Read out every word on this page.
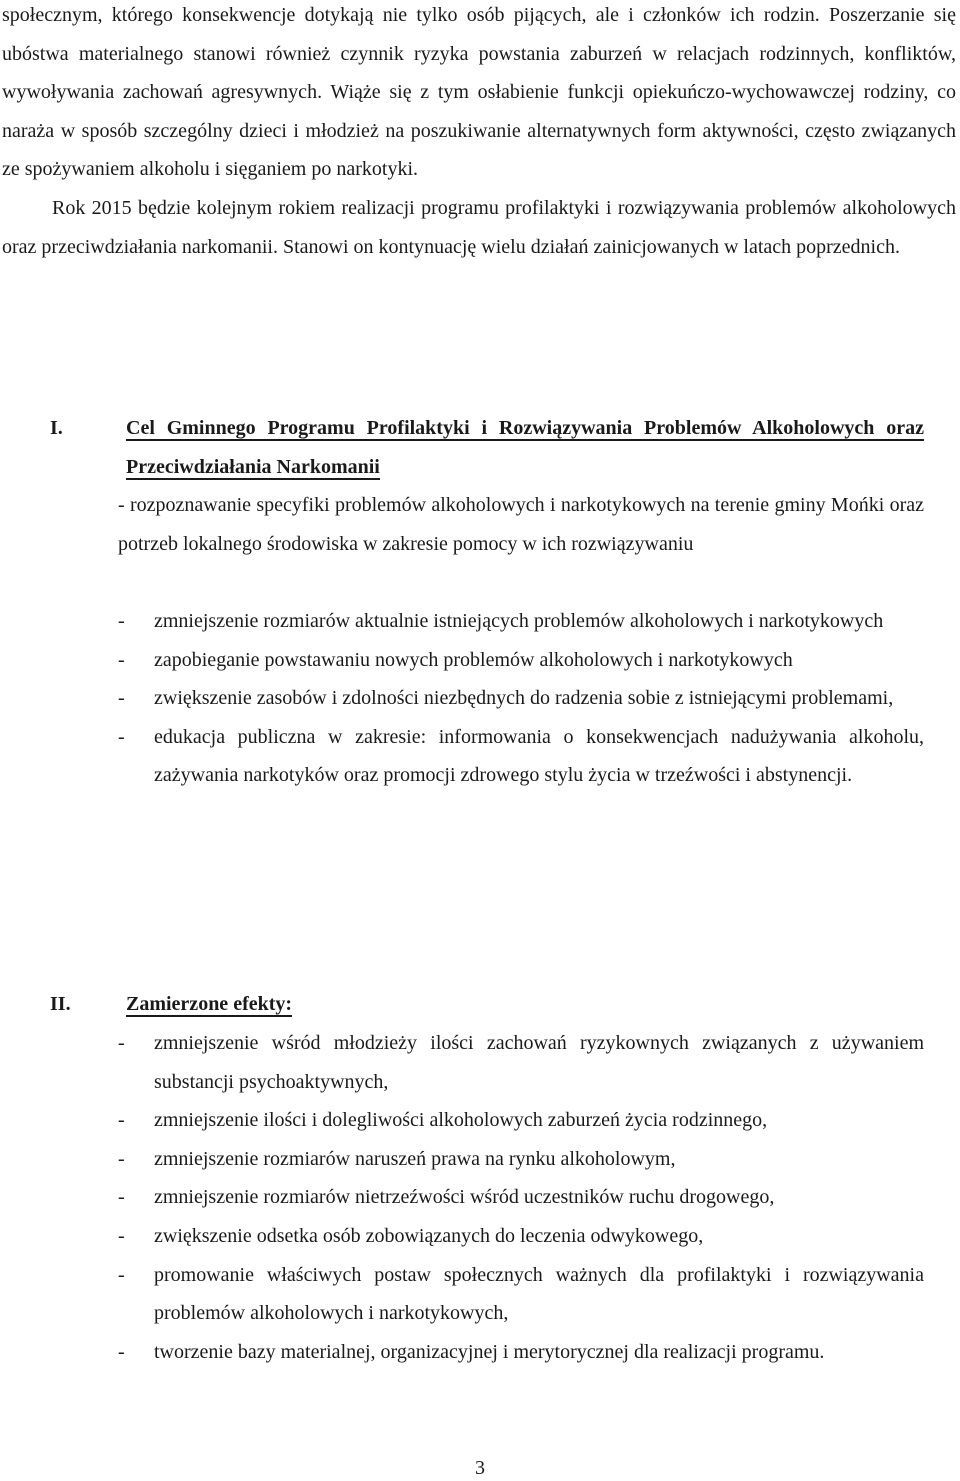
społecznym, którego konsekwencje dotykają nie tylko osób pijących, ale i członków ich rodzin. Poszerzanie się ubóstwa materialnego stanowi również czynnik ryzyka powstania zaburzeń w relacjach rodzinnych, konfliktów, wywoływania zachowań agresywnych. Wiąże się z tym osłabienie funkcji opiekuńczo-wychowawczej rodziny, co naraża w sposób szczególny dzieci i młodzież na poszukiwanie alternatywnych form aktywności, często związanych ze spożywaniem alkoholu i sięganiem po narkotyki.

Rok 2015 będzie kolejnym rokiem realizacji programu profilaktyki i rozwiązywania problemów alkoholowych oraz przeciwdziałania narkomanii. Stanowi on kontynuację wielu działań zainicjowanych w latach poprzednich.

I.	Cel Gminnego Programu Profilaktyki i Rozwiązywania Problemów Alkoholowych oraz Przeciwdziałania Narkomanii

- rozpoznawanie specyfiki problemów alkoholowych i narkotykowych na terenie gminy Mońki oraz potrzeb lokalnego środowiska w zakresie pomocy w ich rozwiązywaniu

- zmniejszenie rozmiarów aktualnie istniejących problemów alkoholowych i narkotykowych
- zapobieganie powstawaniu nowych problemów alkoholowych i narkotykowych
- zwiększenie zasobów i zdolności niezbędnych do radzenia sobie z istniejącymi problemami,
- edukacja publiczna w zakresie: informowania o konsekwencjach nadużywania alkoholu, zażywania narkotyków oraz promocji zdrowego stylu życia w trzeźwości i abstynencji.
II.	Zamierzone efekty:

- zmniejszenie wśród młodzieży ilości zachowań ryzykownych związanych z używaniem substancji psychoaktywnych,
- zmniejszenie ilości i dolegliwości alkoholowych zaburzeń życia rodzinnego,
- zmniejszenie rozmiarów naruszeń prawa na rynku alkoholowym,
- zmniejszenie rozmiarów nietrzeźwości wśród uczestników ruchu drogowego,
- zwiększenie odsetka osób zobowiązanych do leczenia odwykowego,
- promowanie właściwych postaw społecznych ważnych dla profilaktyki i rozwiązywania problemów alkoholowych i narkotykowych,
- tworzenie bazy materialnej, organizacyjnej i merytorycznej dla realizacji programu.
3
